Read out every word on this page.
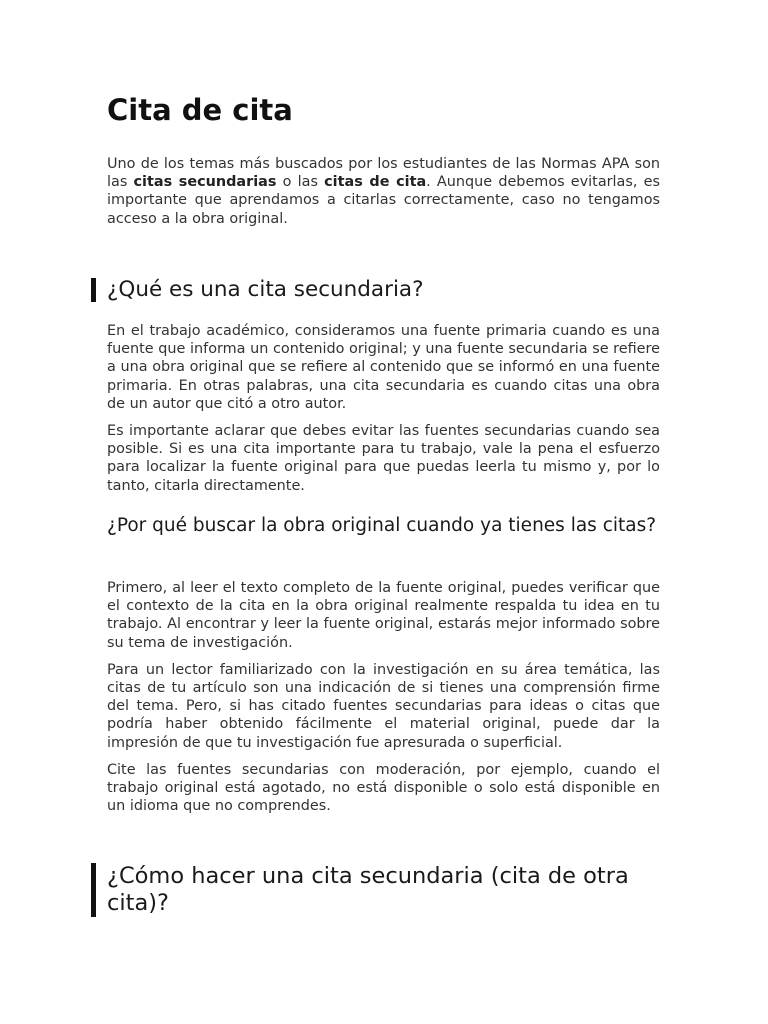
Cita de cita

Uno de los temas más buscados por los estudiantes de las Normas APA son las citas secundarias o las citas de cita. Aunque debemos evitarlas, es importante que aprendamos a citarlas correctamente, caso no tengamos acceso a la obra original.

¿Qué es una cita secundaria?

En el trabajo académico, consideramos una fuente primaria cuando es una fuente que informa un contenido original; y una fuente secundaria se refiere a una obra original que se refiere al contenido que se informó en una fuente primaria. En otras palabras, una cita secundaria es cuando citas una obra de un autor que citó a otro autor.

Es importante aclarar que debes evitar las fuentes secundarias cuando sea posible. Si es una cita importante para tu trabajo, vale la pena el esfuerzo para localizar la fuente original para que puedas leerla tu mismo y, por lo tanto, citarla directamente.

¿Por qué buscar la obra original cuando ya tienes las citas?

Primero, al leer el texto completo de la fuente original, puedes verificar que el contexto de la cita en la obra original realmente respalda tu idea en tu trabajo. Al encontrar y leer la fuente original, estarás mejor informado sobre su tema de investigación.

Para un lector familiarizado con la investigación en su área temática, las citas de tu artículo son una indicación de si tienes una comprensión firme del tema. Pero, si has citado fuentes secundarias para ideas o citas que podría haber obtenido fácilmente el material original, puede dar la impresión de que tu investigación fue apresurada o superficial.

Cite las fuentes secundarias con moderación, por ejemplo, cuando el trabajo original está agotado, no está disponible o solo está disponible en un idioma que no comprendes.

¿Cómo hacer una cita secundaria (cita de otra cita)?
